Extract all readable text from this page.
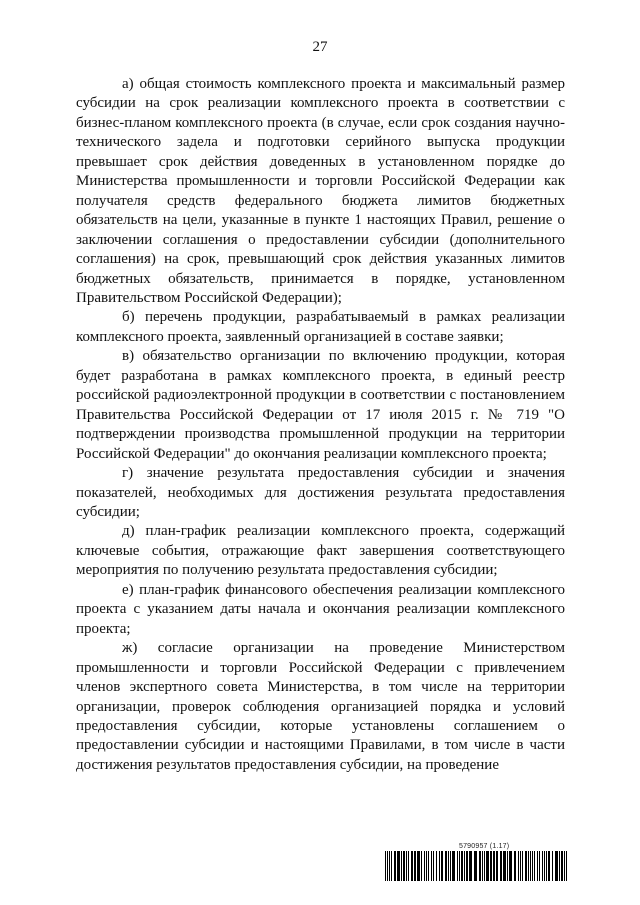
27

а) общая стоимость комплексного проекта и максимальный размер субсидии на срок реализации комплексного проекта в соответствии с бизнес-планом комплексного проекта (в случае, если срок создания научно-технического задела и подготовки серийного выпуска продукции превышает срок действия доведенных в установленном порядке до Министерства промышленности и торговли Российской Федерации как получателя средств федерального бюджета лимитов бюджетных обязательств на цели, указанные в пункте 1 настоящих Правил, решение о заключении соглашения о предоставлении субсидии (дополнительного соглашения) на срок, превышающий срок действия указанных лимитов бюджетных обязательств, принимается в порядке, установленном Правительством Российской Федерации);

б) перечень продукции, разрабатываемый в рамках реализации комплексного проекта, заявленный организацией в составе заявки;

в) обязательство организации по включению продукции, которая будет разработана в рамках комплексного проекта, в единый реестр российской радиоэлектронной продукции в соответствии с постановлением Правительства Российской Федерации от 17 июля 2015 г. № 719 "О подтверждении производства промышленной продукции на территории Российской Федерации" до окончания реализации комплексного проекта;

г) значение результата предоставления субсидии и значения показателей, необходимых для достижения результата предоставления субсидии;

д) план-график реализации комплексного проекта, содержащий ключевые события, отражающие факт завершения соответствующего мероприятия по получению результата предоставления субсидии;

е) план-график финансового обеспечения реализации комплексного проекта с указанием даты начала и окончания реализации комплексного проекта;

ж) согласие организации на проведение Министерством промышленности и торговли Российской Федерации с привлечением членов экспертного совета Министерства, в том числе на территории организации, проверок соблюдения организацией порядка и условий предоставления субсидии, которые установлены соглашением о предоставлении субсидии и настоящими Правилами, в том числе в части достижения результатов предоставления субсидии, на проведение

5790957 (1.17)
